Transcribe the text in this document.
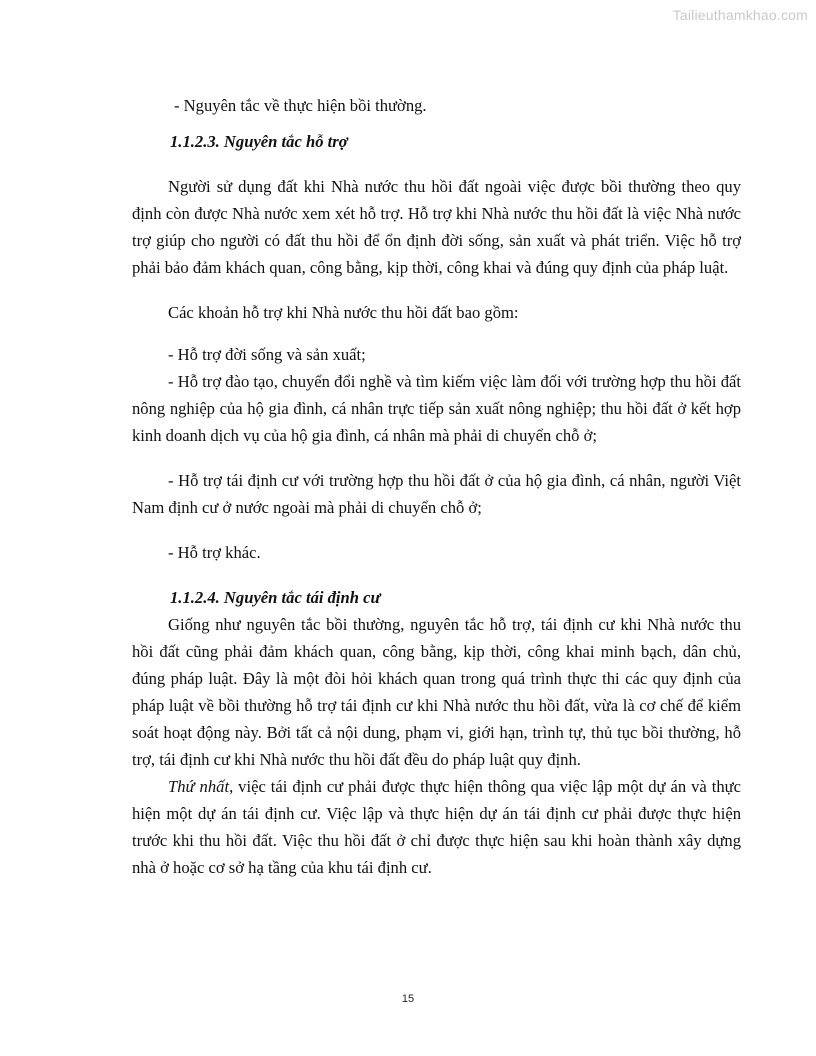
Tailieuthamkhao.com

- Nguyên tắc về thực hiện bồi thường.

1.1.2.3. Nguyên tắc hỗ trợ

Người sử dụng đất khi Nhà nước thu hồi đất ngoài việc được bồi thường theo quy định còn được Nhà nước xem xét hỗ trợ. Hỗ trợ khi Nhà nước thu hồi đất là việc Nhà nước trợ giúp cho người có đất thu hồi để ổn định đời sống, sản xuất và phát triển. Việc hỗ trợ phải bảo đảm khách quan, công bằng, kịp thời, công khai và đúng quy định của pháp luật.

Các khoản hỗ trợ khi Nhà nước thu hồi đất bao gồm:

- Hỗ trợ đời sống và sản xuất;

- Hỗ trợ đào tạo, chuyển đổi nghề và tìm kiếm việc làm đối với trường hợp thu hồi đất nông nghiệp của hộ gia đình, cá nhân trực tiếp sản xuất nông nghiệp; thu hồi đất ở kết hợp kinh doanh dịch vụ của hộ gia đình, cá nhân mà phải di chuyển chỗ ở;

- Hỗ trợ tái định cư với trường hợp thu hồi đất ở của hộ gia đình, cá nhân, người Việt Nam định cư ở nước ngoài mà phải di chuyển chỗ ở;

- Hỗ trợ khác.

1.1.2.4. Nguyên tắc tái định cư

Giống như nguyên tắc bồi thường, nguyên tắc hỗ trợ, tái định cư khi Nhà nước thu hồi đất cũng phải đảm khách quan, công bằng, kịp thời, công khai minh bạch, dân chủ, đúng pháp luật. Đây là một đòi hỏi khách quan trong quá trình thực thi các quy định của pháp luật về bồi thường hỗ trợ tái định cư khi Nhà nước thu hồi đất, vừa là cơ chế để kiểm soát hoạt động này. Bởi tất cả nội dung, phạm vi, giới hạn, trình tự, thủ tục bồi thường, hỗ trợ, tái định cư khi Nhà nước thu hồi đất đều do pháp luật quy định.

Thứ nhất, việc tái định cư phải được thực hiện thông qua việc lập một dự án và thực hiện một dự án tái định cư. Việc lập và thực hiện dự án tái định cư phải được thực hiện trước khi thu hồi đất. Việc thu hồi đất ở chỉ được thực hiện sau khi hoàn thành xây dựng nhà ở hoặc cơ sở hạ tầng của khu tái định cư.

15
